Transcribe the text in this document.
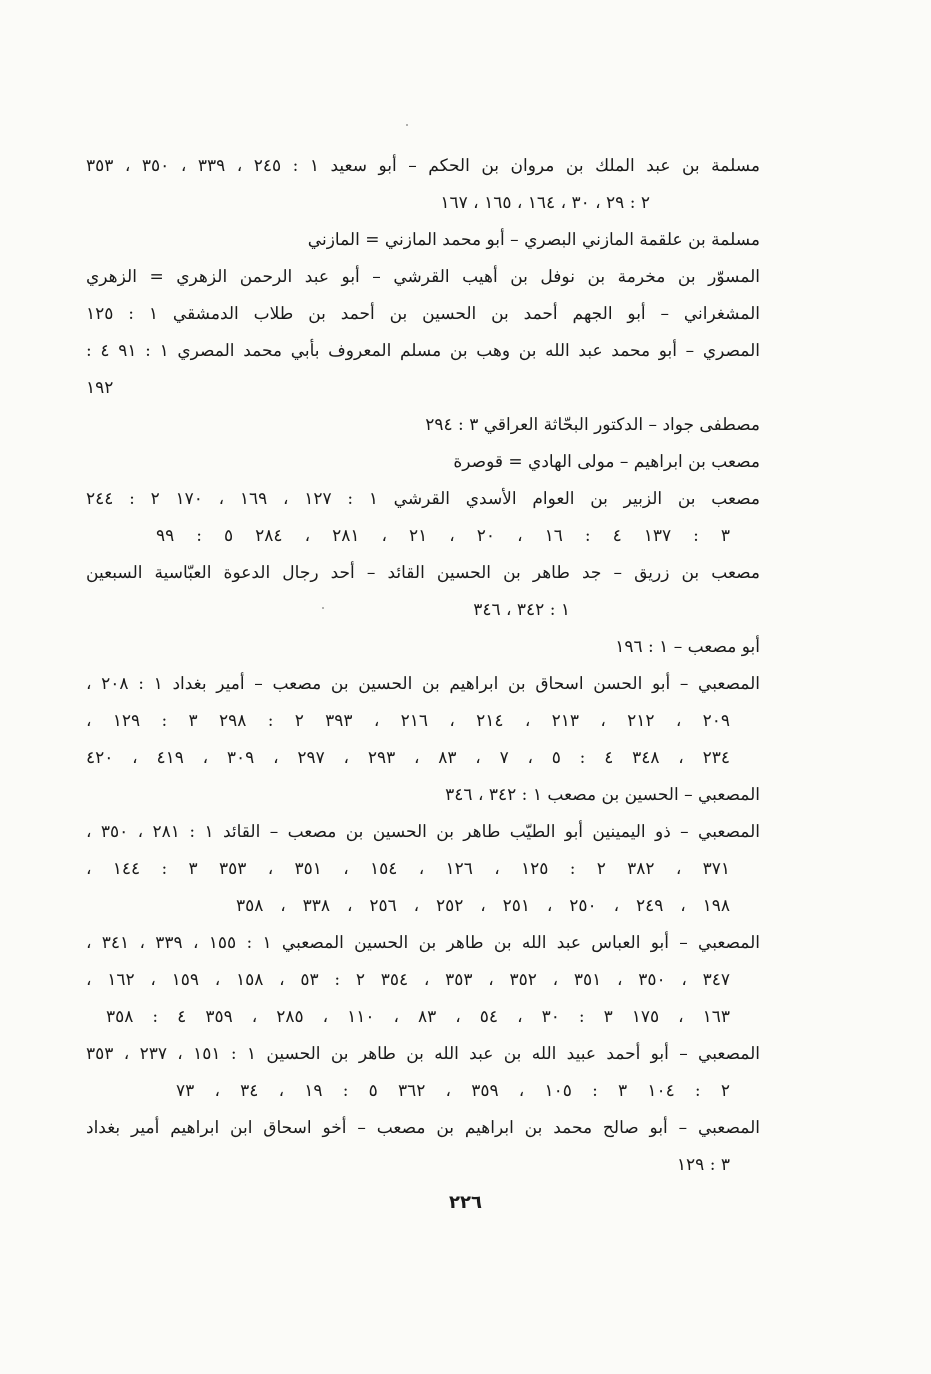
مسلمة بن عبد الملك بن مروان بن الحكم – أبو سعيد ١ : ٢٤٥ ، ٣٣٩ ، ٣٥٠ ، ٣٥٣
٢ : ٢٩ ، ٣٠ ، ١٦٤ ، ١٦٥ ، ١٦٧
مسلمة بن علقمة المازني البصري – أبو محمد المازني = المازني
المسوّر بن مخرمة بن نوفل بن أهيب القرشي – أبو عبد الرحمن الزهري = الزهري
المشغراني – أبو الجهم أحمد بن الحسين بن أحمد بن طلاب الدمشقي ١ : ١٢٥
المصري – أبو محمد عبد الله بن وهب بن مسلم المعروف بأبي محمد المصري ١ : ٩١ ٤ :
١٩٢
مصطفى جواد – الدكتور البحّاثة العراقي ٣ : ٢٩٤
مصعب بن ابراهيم – مولى الهادي = قوصرة
مصعب بن الزبير بن العوام الأسدي القرشي ١ : ١٢٧ ، ١٦٩ ، ١٧٠ ٢ : ٢٤٤
٣ : ١٣٧ ٤ : ١٦ ، ٢٠ ، ٢١ ، ٢٨١ ، ٢٨٤ ٥ : ٩٩
مصعب بن زريق – جد طاهر بن الحسين القائد – أحد رجال الدعوة العبّاسية السبعين
١ : ٣٤٢ ، ٣٤٦
أبو مصعب – ١ : ١٩٦
المصعبي – أبو الحسن اسحاق بن ابراهيم بن الحسين بن مصعب – أمير بغداد ١ : ٢٠٨ ،
٢٠٩ ، ٢١٢ ، ٢١٣ ، ٢١٤ ، ٢١٦ ، ٣٩٣ ٢ : ٢٩٨ ٣ : ١٢٩ ،
٢٣٤ ، ٣٤٨ ٤ : ٥ ، ٧ ، ٨٣ ، ٢٩٣ ، ٢٩٧ ، ٣٠٩ ، ٤١٩ ، ٤٢٠
المصعبي – الحسين بن مصعب ١ : ٣٤٢ ، ٣٤٦
المصعبي – ذو اليمينين أبو الطيّب طاهر بن الحسين بن مصعب – القائد ١ : ٢٨١ ، ٣٥٠ ،
٣٧١ ، ٣٨٢ ٢ : ١٢٥ ، ١٢٦ ، ١٥٤ ، ٣٥١ ، ٣٥٣ ٣ : ١٤٤ ،
١٩٨ ، ٢٤٩ ، ٢٥٠ ، ٢٥١ ، ٢٥٢ ، ٢٥٦ ، ٣٣٨ ، ٣٥٨
المصعبي – أبو العباس عبد الله بن طاهر بن الحسين المصعبي ١ : ١٥٥ ، ٣٣٩ ، ٣٤١ ،
٣٤٧ ، ٣٥٠ ، ٣٥١ ، ٣٥٢ ، ٣٥٣ ، ٣٥٤ ٢ : ٥٣ ، ١٥٨ ، ١٥٩ ، ١٦٢ ،
١٦٣ ، ١٧٥ ٣ : ٣٠ ، ٥٤ ، ٨٣ ، ١١٠ ، ٢٨٥ ، ٣٥٩ ٤ : ٣٥٨
المصعبي – أبو أحمد عبيد الله بن عبد الله بن طاهر بن الحسين ١ : ١٥١ ، ٢٣٧ ، ٣٥٣
٢ : ١٠٤ ٣ : ١٠٥ ، ٣٥٩ ، ٣٦٢ ٥ : ١٩ ، ٣٤ ، ٧٣
المصعبي – أبو صالح محمد بن ابراهيم بن مصعب – أخو اسحاق ابن ابراهيم أمير بغداد
٣ : ١٢٩
٢٢٦
